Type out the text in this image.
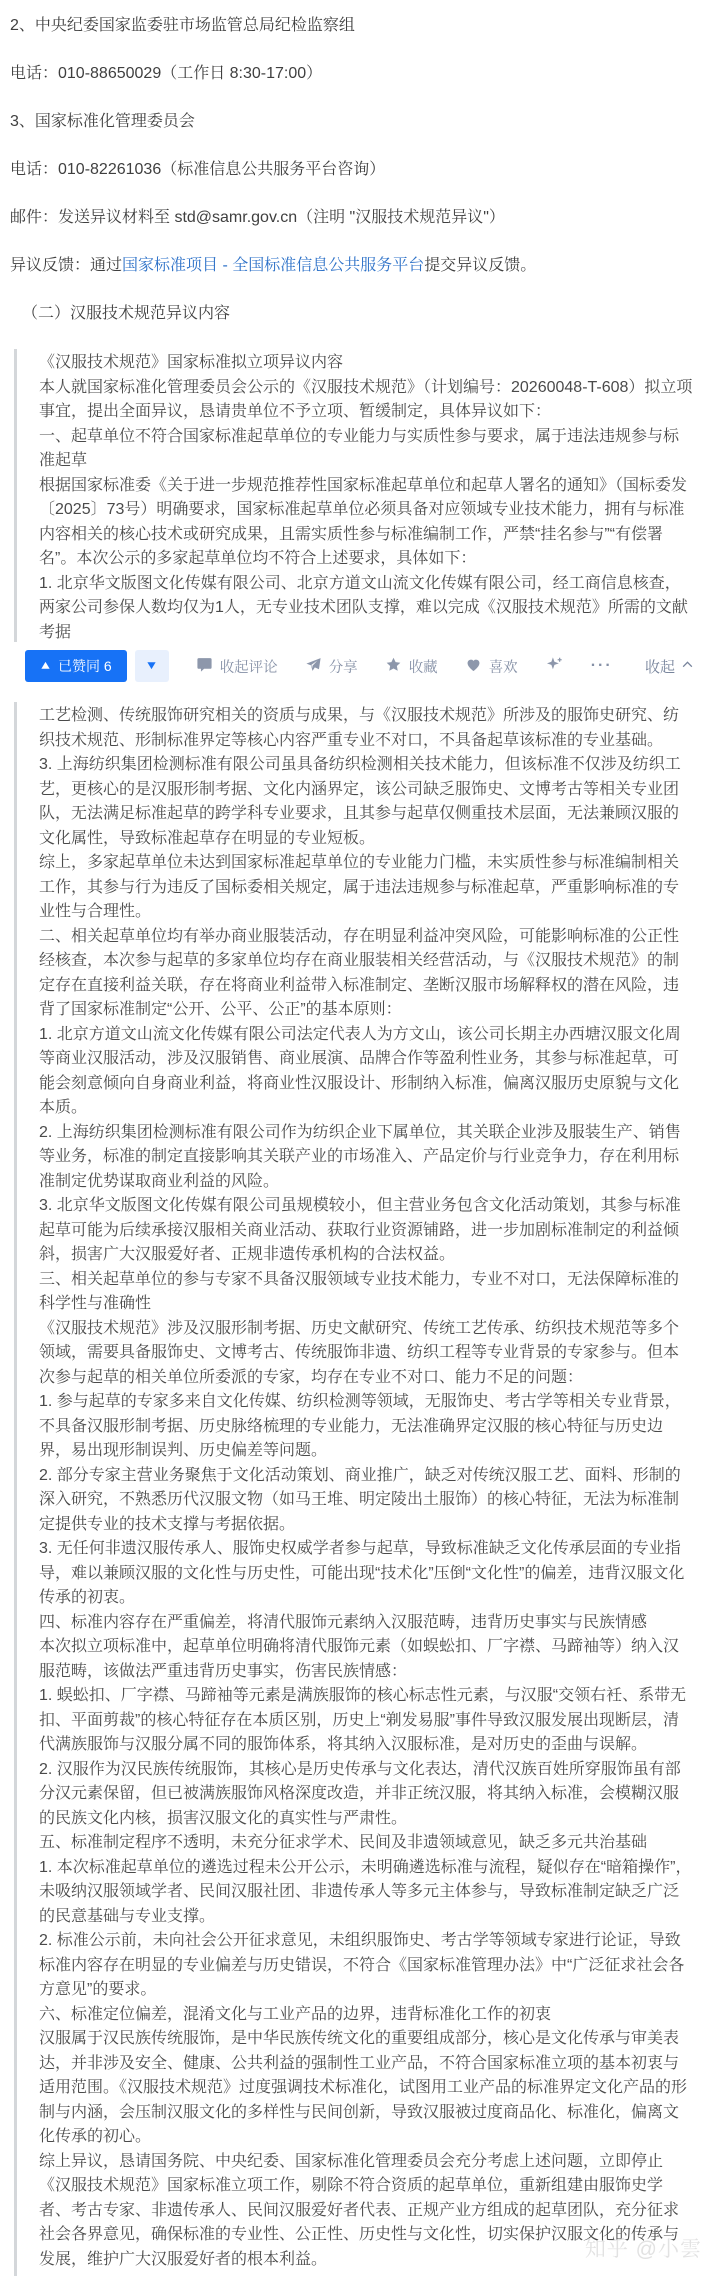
2、中央纪委国家监委驻市场监管总局纪检监察组

电话：010-88650029（工作日 8:30-17:00）

3、国家标准化管理委员会

电话：010-82261036（标准信息公共服务平台咨询）

邮件：发送异议材料至 std@samr.gov.cn（注明 "汉服技术规范异议"）

异议反馈：通过国家标准项目 - 全国标准信息公共服务平台提交异议反馈。

（二）汉服技术规范异议内容

《汉服技术规范》国家标准拟立项异议内容

本人就国家标准化管理委员会公示的《汉服技术规范》（计划编号：20260048-T-608）拟立项事宜，提出全面异议，恳请贵单位不予立项、暂缓制定，具体异议如下：

一、起草单位不符合国家标准起草单位的专业能力与实质性参与要求，属于违法违规参与标准起草

根据国家标准委《关于进一步规范推荐性国家标准起草单位和起草人署名的通知》（国标委发〔2025〕73号）明确要求，国家标准起草单位必须具备对应领域专业技术能力，拥有与标准内容相关的核心技术或研究成果，且需实质性参与标准编制工作，严禁“挂名参与”“有偿署名”。本次公示的多家起草单位均不符合上述要求，具体如下：

1. 北京华文版图文化传媒有限公司、北京方道文山流文化传媒有限公司，经工商信息核查，两家公司参保人数均仅为1人，无专业技术团队支撑，难以完成《汉服技术规范》所需的文献考据

已赞同 6	收起评论	分享	收藏	喜欢	··· 收起

工艺检测、传统服饰研究相关的资质与成果，与《汉服技术规范》所涉及的服饰史研究、纺织技术规范、形制标准界定等核心内容严重专业不对口，不具备起草该标准的专业基础。

3. 上海纺织集团检测标准有限公司虽具备纺织检测相关技术能力，但该标准不仅涉及纺织工艺，更核心的是汉服形制考据、文化内涵界定，该公司缺乏服饰史、文博考古等相关专业团队，无法满足标准起草的跨学科专业要求，且其参与起草仅侧重技术层面，无法兼顾汉服的文化属性，导致标准起草存在明显的专业短板。

综上，多家起草单位未达到国家标准起草单位的专业能力门槛，未实质性参与标准编制相关工作，其参与行为违反了国标委相关规定，属于违法违规参与标准起草，严重影响标准的专业性与合理性。

二、相关起草单位均有举办商业服装活动，存在明显利益冲突风险，可能影响标准的公正性

经核查，本次参与起草的多家单位均存在商业服装相关经营活动，与《汉服技术规范》的制定存在直接利益关联，存在将商业利益带入标准制定、垄断汉服市场解释权的潜在风险，违背了国家标准制定“公开、公平、公正”的基本原则：

1. 北京方道文山流文化传媒有限公司法定代表人为方文山，该公司长期主办西塘汉服文化周等商业汉服活动，涉及汉服销售、商业展演、品牌合作等盈利性业务，其参与标准起草，可能会刻意倾向自身商业利益，将商业性汉服设计、形制纳入标准，偏离汉服历史原貌与文化本质。

2. 上海纺织集团检测标准有限公司作为纺织企业下属单位，其关联企业涉及服装生产、销售等业务，标准的制定直接影响其关联产业的市场准入、产品定价与行业竞争力，存在利用标准制定优势谋取商业利益的风险。

3. 北京华文版图文化传媒有限公司虽规模较小，但主营业务包含文化活动策划，其参与标准起草可能为后续承接汉服相关商业活动、获取行业资源铺路，进一步加剧标准制定的利益倾斜，损害广大汉服爱好者、正规非遗传承机构的合法权益。

三、相关起草单位的参与专家不具备汉服领域专业技术能力，专业不对口，无法保障标准的科学性与准确性

《汉服技术规范》涉及汉服形制考据、历史文献研究、传统工艺传承、纺织技术规范等多个领域，需要具备服饰史、文博考古、传统服饰非遗、纺织工程等专业背景的专家参与。但本次参与起草的相关单位所委派的专家，均存在专业不对口、能力不足的问题：

1. 参与起草的专家多来自文化传媒、纺织检测等领域，无服饰史、考古学等相关专业背景，不具备汉服形制考据、历史脉络梳理的专业能力，无法准确界定汉服的核心特征与历史边界，易出现形制误判、历史偏差等问题。

2. 部分专家主营业务聚焦于文化活动策划、商业推广，缺乏对传统汉服工艺、面料、形制的深入研究，不熟悉历代汉服文物（如马王堆、明定陵出土服饰）的核心特征，无法为标准制定提供专业的技术支撑与考据依据。

3. 无任何非遗汉服传承人、服饰史权威学者参与起草，导致标准缺乏文化传承层面的专业指导，难以兼顾汉服的文化性与历史性，可能出现“技术化”压倒“文化性”的偏差，违背汉服文化传承的初衷。

四、标准内容存在严重偏差，将清代服饰元素纳入汉服范畴，违背历史事实与民族情感

本次拟立项标准中，起草单位明确将清代服饰元素（如蜈蚣扣、厂字襟、马蹄袖等）纳入汉服范畴，该做法严重违背历史事实，伤害民族情感：

1. 蜈蚣扣、厂字襟、马蹄袖等元素是满族服饰的核心标志性元素，与汉服“交领右衽、系带无扣、平面剪裁”的核心特征存在本质区别，历史上“剃发易服”事件导致汉服发展出现断层，清代满族服饰与汉服分属不同的服饰体系，将其纳入汉服标准，是对历史的歪曲与误解。

2. 汉服作为汉民族传统服饰，其核心是历史传承与文化表达，清代汉族百姓所穿服饰虽有部分汉元素保留，但已被满族服饰风格深度改造，并非正统汉服，将其纳入标准，会模糊汉服的民族文化内核，损害汉服文化的真实性与严肃性。

五、标准制定程序不透明，未充分征求学术、民间及非遗领域意见，缺乏多元共治基础

1. 本次标准起草单位的遴选过程未公开公示，未明确遴选标准与流程，疑似存在“暗箱操作”，未吸纳汉服领域学者、民间汉服社团、非遗传承人等多元主体参与，导致标准制定缺乏广泛的民意基础与专业支撑。

2. 标准公示前，未向社会公开征求意见，未组织服饰史、考古学等领域专家进行论证，导致标准内容存在明显的专业偏差与历史错误，不符合《国家标准管理办法》中“广泛征求社会各方意见”的要求。

六、标准定位偏差，混淆文化与工业产品的边界，违背标准化工作的初衷

汉服属于汉民族传统服饰，是中华民族传统文化的重要组成部分，核心是文化传承与审美表达，并非涉及安全、健康、公共利益的强制性工业产品，不符合国家标准立项的基本初衷与适用范围。《汉服技术规范》过度强调技术标准化，试图用工业产品的标准界定文化产品的形制与内涵，会压制汉服文化的多样性与民间创新，导致汉服被过度商品化、标准化，偏离文化传承的初心。

综上异议，恳请国务院、中央纪委、国家标准化管理委员会充分考虑上述问题，立即停止《汉服技术规范》国家标准立项工作，剔除不符合资质的起草单位，重新组建由服饰史学者、考古专家、非遗传承人、民间汉服爱好者代表、正规产业方组成的起草团队，充分征求社会各界意见，确保标准的专业性、公正性、历史性与文化性，切实保护汉服文化的传承与发展，维护广大汉服爱好者的根本利益。	知乎 @小雲
